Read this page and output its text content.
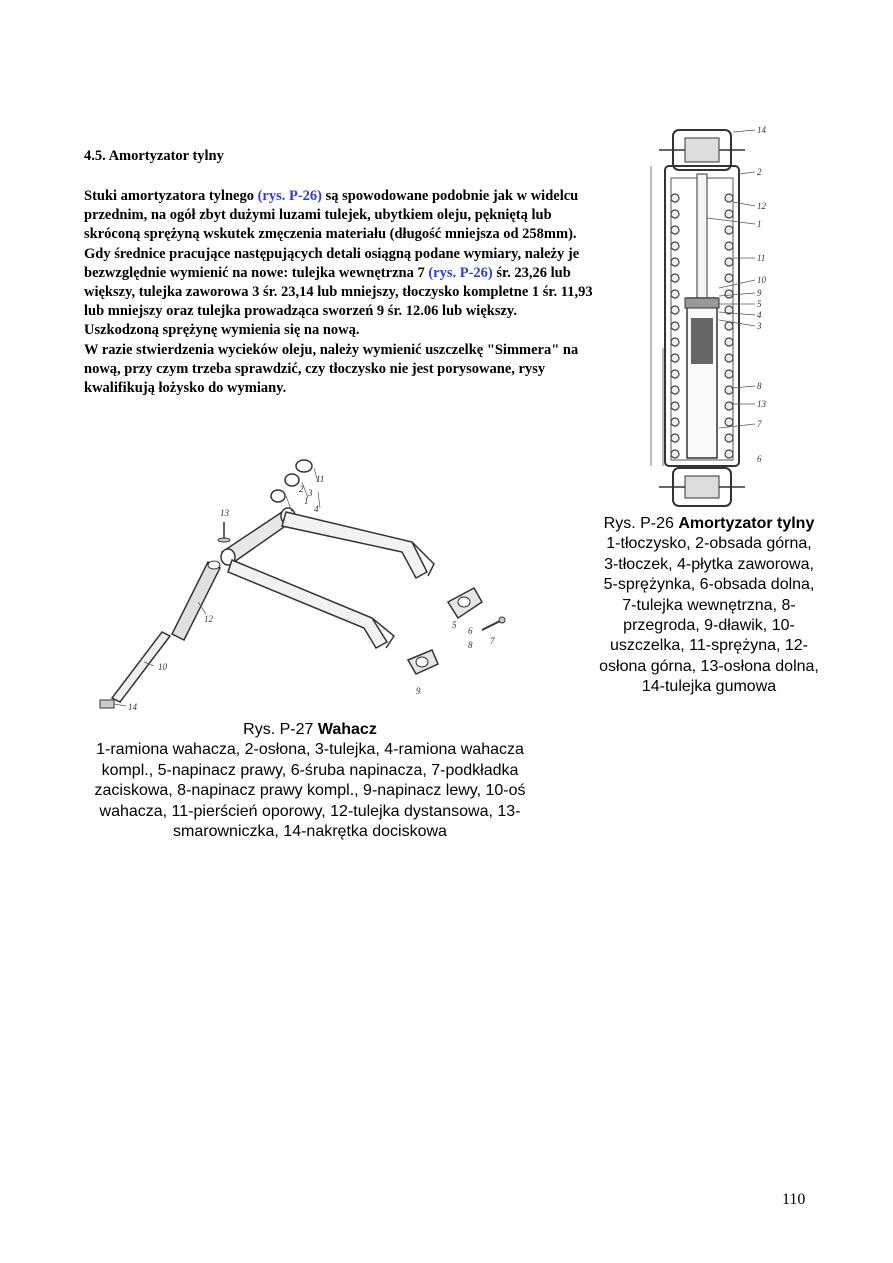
4.5. Amortyzator tylny
Stuki amortyzatora tylnego (rys. P-26) są spowodowane podobnie jak w widelcu przednim, na ogół zbyt dużymi luzami tulejek, ubytkiem oleju, pękniętą lub skróconą sprężyną wskutek zmęczenia materiału (długość mniejsza od 258mm). Gdy średnice pracujące następujących detali osiągną podane wymiary, należy je bezwzględnie wymienić na nowe: tulejka wewnętrzna 7 (rys. P-26) śr. 23,26 lub większy, tulejka zaworowa 3 śr. 23,14 lub mniejszy, tłoczysko kompletne 1 śr. 11,93 lub mniejszy oraz tulejka prowadząca sworzeń 9 śr. 12.06 lub większy.
Uszkodzoną sprężynę wymienia się na nową.
W razie stwierdzenia wycieków oleju, należy wymienić uszczelkę "Simmera" na nową, przy czym trzeba sprawdzić, czy tłoczysko nie jest porysowane, rysy kwalifikują łożysko do wymiany.
14
2
12
1
11
10
9
5
4
3
8
13
7
6
Rys. P-26 Amortyzator tylny
1-tłoczysko, 2-obsada górna, 3-tłoczek, 4-płytka zaworowa, 5-sprężynka, 6-obsada dolna, 7-tulejka wewnętrzna, 8-przegroda, 9-dławik, 10-uszczelka, 11-sprężyna, 12-osłona górna, 13-osłona dolna, 14-tulejka gumowa
2 3
11
1
4
13
12
10
14
5
6
7
8
9
Rys. P-27 Wahacz
1-ramiona wahacza, 2-osłona, 3-tulejka, 4-ramiona wahacza kompl., 5-napinacz prawy, 6-śruba napinacza, 7-podkładka zaciskowa, 8-napinacz prawy kompl., 9-napinacz lewy, 10-oś wahacza, 11-pierścień oporowy, 12-tulejka dystansowa, 13-smarowniczka, 14-nakrętka dociskowa
110
